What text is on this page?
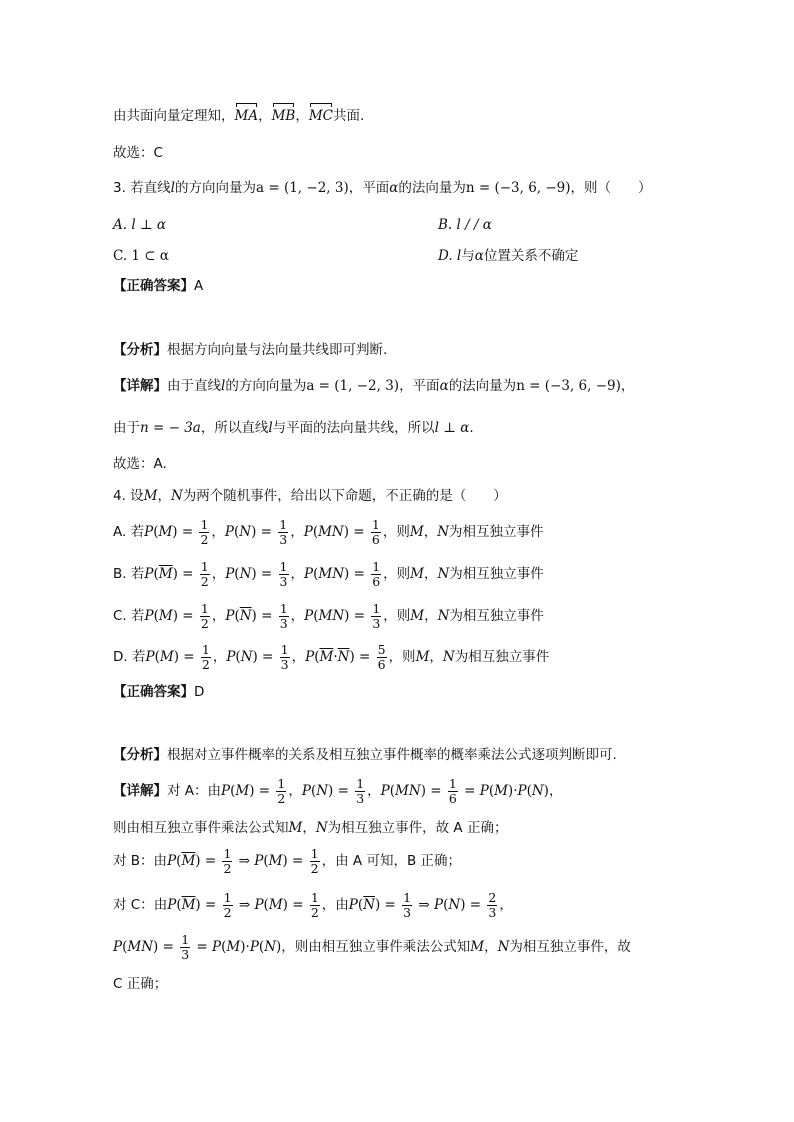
由共面向量定理知，MA，MB，MC共面.
故选：C
3. 若直线l的方向向量为a = (1, −2, 3)，平面α的法向量为n = (−3, 6, −9)，则（　　）
A. l ⊥ α	B. l / / α
C. 1 ⊂ α	D. l与α位置关系不确定
【正确答案】A
【分析】根据方向向量与法向量共线即可判断.
【详解】由于直线l的方向向量为a = (1, −2, 3)，平面α的法向量为n = (−3, 6, −9)，
由于n = − 3a，所以直线l与平面的法向量共线，所以l ⊥ α.
故选：A.
4. 设M，N为两个随机事件，给出以下命题，不正确的是（　　）
A. 若$P(M) = \frac{1}{2}$ ，$P(N) = \frac{1}{3}$ ，$P(MN) = \frac{1}{6}$ ，则M，N为相互独立事件
B. 若$P(\overline{M}) = \frac{1}{2}$ ，$P(N) = \frac{1}{3}$ ，$P(MN) = \frac{1}{6}$ ，则M，N为相互独立事件
C. 若$P(M) = \frac{1}{2}$ ，$P(\overline{N}) = \frac{1}{3}$ ，$P(MN) = \frac{1}{3}$ ，则M，N为相互独立事件
D. 若$P(M) = \frac{1}{2}$ ，$P(N) = \frac{1}{3}$ ，$P(\overline{M}\cdot\overline{N}) = \frac{5}{6}$ ，则M，N为相互独立事件
【正确答案】D
【分析】根据对立事件概率的关系及相互独立事件概率的概率乘法公式逐项判断即可.
【详解】对 A：由$P(M) = \frac{1}{2}$ ，$P(N) = \frac{1}{3}$ ，$P(MN) = \frac{1}{6} = P(M)\cdot P(N)$，
则由相互独立事件乘法公式知M，N为相互独立事件，故 A 正确；
对 B：由$P(\overline{M}) = \frac{1}{2}$ ⇒ $P(M) = \frac{1}{2}$ ，由 A 可知，B 正确；
对 C：由$P(\overline{M}) = \frac{1}{2}$ ⇒ $P(M) = \frac{1}{2}$ ，由$P(\overline{N}) = \frac{1}{3}$ ⇒ $P(N) = \frac{2}{3}$ ，
$P(MN) = \frac{1}{3} = P(M)\cdot P(N)$，则由相互独立事件乘法公式知M，N为相互独立事件，故
C 正确；
